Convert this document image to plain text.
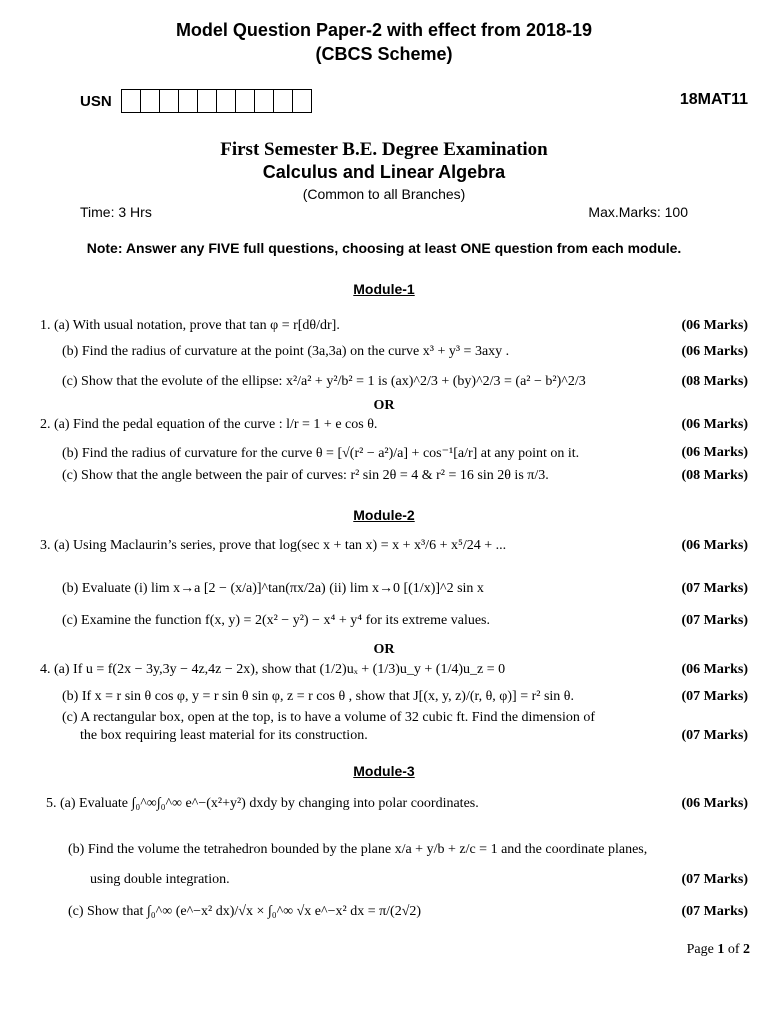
Model Question Paper-2 with effect from 2018-19
(CBCS Scheme)
USN	18MAT11
First Semester B.E. Degree Examination
Calculus and Linear Algebra
(Common to all Branches)
Time: 3 Hrs	Max.Marks: 100
Note: Answer any FIVE full questions, choosing at least ONE question from each module.
Module-1
1. (a) With usual notation, prove that tan φ = r[dθ/dr].	(06 Marks)
(b) Find the radius of curvature at the point (3a,3a) on the curve x³ + y³ = 3axy .	(06 Marks)
(c) Show that the evolute of the ellipse: x²/a² + y²/b² = 1 is (ax)^2/3 + (by)^2/3 = (a² − b²)^2/3	(08 Marks)
OR
2. (a) Find the pedal equation of the curve : l/r = 1 + e cos θ.	(06 Marks)
(b) Find the radius of curvature for the curve θ = [√(r² − a²)/a] + cos⁻¹[a/r] at any point on it.	(06 Marks)
(c) Show that the angle between the pair of curves: r² sin 2θ = 4 & r² = 16 sin 2θ is π/3.	(08 Marks)
Module-2
3. (a) Using Maclaurin’s series, prove that log(sec x + tan x) = x + x³/6 + x⁵/24 + ...	(06 Marks)
(b) Evaluate (i) lim x→a [2 − (x/a)]^tan(πx/2a) (ii) lim x→0 [(1/x)]^2 sin x	(07 Marks)
(c) Examine the function f(x, y) = 2(x² − y²) − x⁴ + y⁴ for its extreme values.	(07 Marks)
OR
4. (a) If u = f(2x − 3y,3y − 4z,4z − 2x), show that (1/2)uₓ + (1/3)u_y + (1/4)u_z = 0	(06 Marks)
(b) If x = r sin θ cos φ, y = r sin θ sin φ, z = r cos θ , show that J[(x, y, z)/(r, θ, φ)] = r² sin θ.	(07 Marks)
(c) A rectangular box, open at the top, is to have a volume of 32 cubic ft. Find the dimension of
the box requiring least material for its construction.	(07 Marks)
Module-3
5. (a) Evaluate ∫₀^∞∫₀^∞ e^−(x²+y²) dxdy by changing into polar coordinates.	(06 Marks)
(b) Find the volume the tetrahedron bounded by the plane x/a + y/b + z/c = 1 and the coordinate planes,
using double integration.	(07 Marks)
(c) Show that ∫₀^∞ (e^−x² dx)/√x × ∫₀^∞ √x e^−x² dx = π/(2√2)	(07 Marks)
Page 1 of 2
